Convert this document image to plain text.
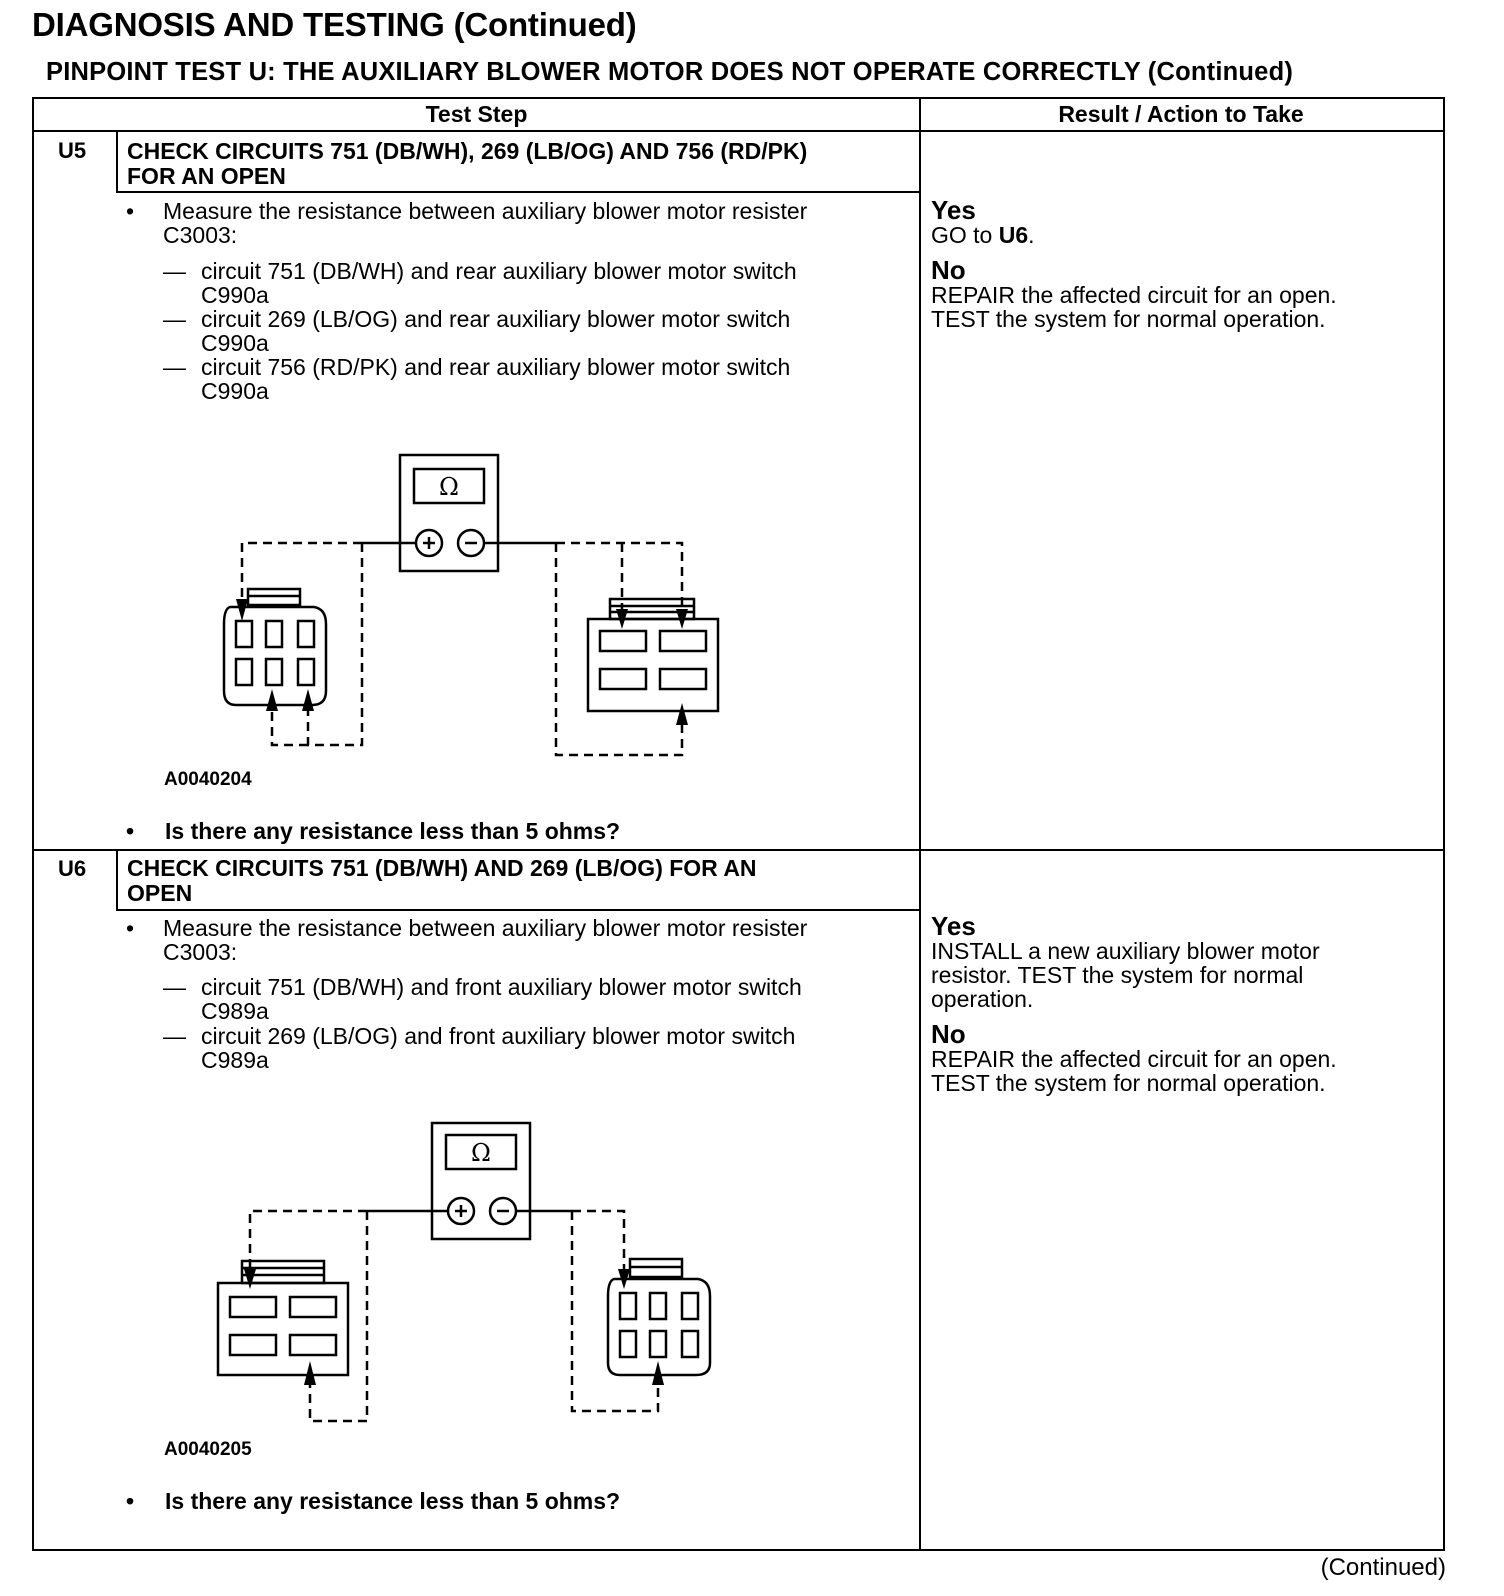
DIAGNOSIS AND TESTING (Continued)
PINPOINT TEST U: THE AUXILIARY BLOWER MOTOR DOES NOT OPERATE CORRECTLY (Continued)
Test Step	Result / Action to Take
U5 CHECK CIRCUITS 751 (DB/WH), 269 (LB/OG) AND 756 (RD/PK)
FOR AN OPEN
• Measure the resistance between auxiliary blower motor resister
C3003:
— circuit 751 (DB/WH) and rear auxiliary blower motor switch
C990a
— circuit 269 (LB/OG) and rear auxiliary blower motor switch
C990a
— circuit 756 (RD/PK) and rear auxiliary blower motor switch
C990a
Ω
A0040204
• Is there any resistance less than 5 ohms?
Yes
GO to U6.
No
REPAIR the affected circuit for an open.
TEST the system for normal operation.
U6 CHECK CIRCUITS 751 (DB/WH) AND 269 (LB/OG) FOR AN
OPEN
• Measure the resistance between auxiliary blower motor resister
C3003:
— circuit 751 (DB/WH) and front auxiliary blower motor switch
C989a
— circuit 269 (LB/OG) and front auxiliary blower motor switch
C989a
Ω
A0040205
• Is there any resistance less than 5 ohms?
Yes
INSTALL a new auxiliary blower motor
resistor. TEST the system for normal
operation.
No
REPAIR the affected circuit for an open.
TEST the system for normal operation.
(Continued)
